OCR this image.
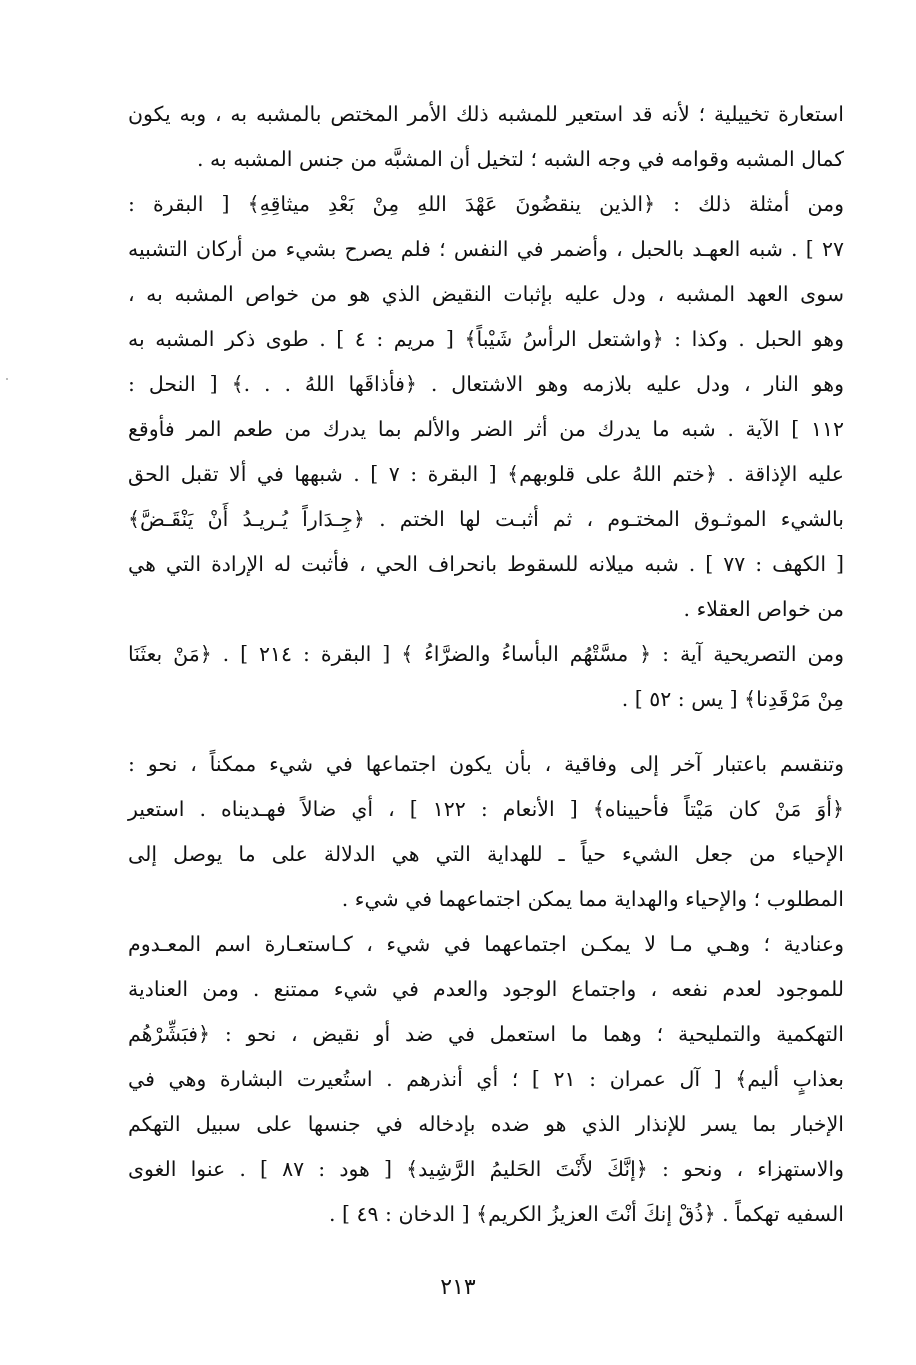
استعارة تخييلية ؛ لأنه قد استعير للمشبه ذلك الأمر المختص بالمشبه به ، وبه يكون
كمال المشبه وقوامه في وجه الشبه ؛ لتخيل أن المشبَّه من جنس المشبه به .
ومن أمثلة ذلك : ﴿الذين ينقضُونَ عَهْدَ اللهِ مِنْ بَعْدِ ميثاقِهِ﴾ [ البقرة :
٢٧ ] . شبه العهـد بالحبل ، وأضمر في النفس ؛ فلم يصرح بشيء من أركان التشبيه
سوى العهد المشبه ، ودل عليه بإثبات النقيض الذي هو من خواص المشبه به ،
وهو الحبل . وكذا : ﴿واشتعل الرأسُ شَيْباً﴾ [ مريم : ٤ ] . طوى ذكر المشبه به
وهو النار ، ودل عليه بلازمه وهو الاشتعال . ﴿فأذاقَها اللهُ . . .﴾ [ النحل :
١١٢ ] الآية . شبه ما يدرك من أثر الضر والألم بما يدرك من طعم المر فأوقع
عليه الإذاقة . ﴿ختم اللهُ على قلوبهم﴾ [ البقرة : ٧ ] . شبهها في ألا تقبل الحق
بالشيء الموثـوق المختـوم ، ثم أثبـت لها الختم . ﴿جِـدَاراً يُـريـدُ أَنْ يَنْقَـضَّ﴾
[ الكهف : ٧٧ ] . شبه ميلانه للسقوط بانحراف الحي ، فأثبت له الإرادة التي هي
من خواص العقلاء .
ومن التصريحية آية : ﴿ مسَّتْهُم البأساءُ والضرَّاءُ ﴾ [ البقرة : ٢١٤ ] . ﴿مَنْ بعثَنَا
مِنْ مَرْقَدِنا﴾ [ يس : ٥٢ ] .
وتنقسم باعتبار آخر إلى وفاقية ، بأن يكون اجتماعها في شيء ممكناً ، نحو :
﴿أوَ مَنْ كان مَيْتاً فأحييناه﴾ [ الأنعام : ١٢٢ ] ، أي ضالاً فهـديناه . استعير
الإحياء من جعل الشيء حياً ـ للهداية التي هي الدلالة على ما يوصل إلى
المطلوب ؛ والإحياء والهداية مما يمكن اجتماعهما في شيء .
وعنادية ؛ وهـي مـا لا يمكـن اجتماعهما في شيء ، كـاستعـارة اسم المعـدوم
للموجود لعدم نفعه ، واجتماع الوجود والعدم في شيء ممتنع . ومن العنادية
التهكمية والتمليحية ؛ وهما ما استعمل في ضد أو نقيض ، نحو : ﴿فبَشِّرْهُم
بعذابٍ أليم﴾ [ آل عمران : ٢١ ] ؛ أي أنذرهم . استُعيرت البشارة وهي في
الإخبار بما يسر للإنذار الذي هو ضده بإدخاله في جنسها على سبيل التهكم
والاستهزاء ، ونحو : ﴿إنَّكَ لأَنْتَ الحَليمُ الرَّشِيد﴾ [ هود : ٨٧ ] . عنوا الغوى
السفيه تهكماً . ﴿ذُقْ إنكَ أنْتَ العزيزُ الكريم﴾ [ الدخان : ٤٩ ] .
٢١٣
